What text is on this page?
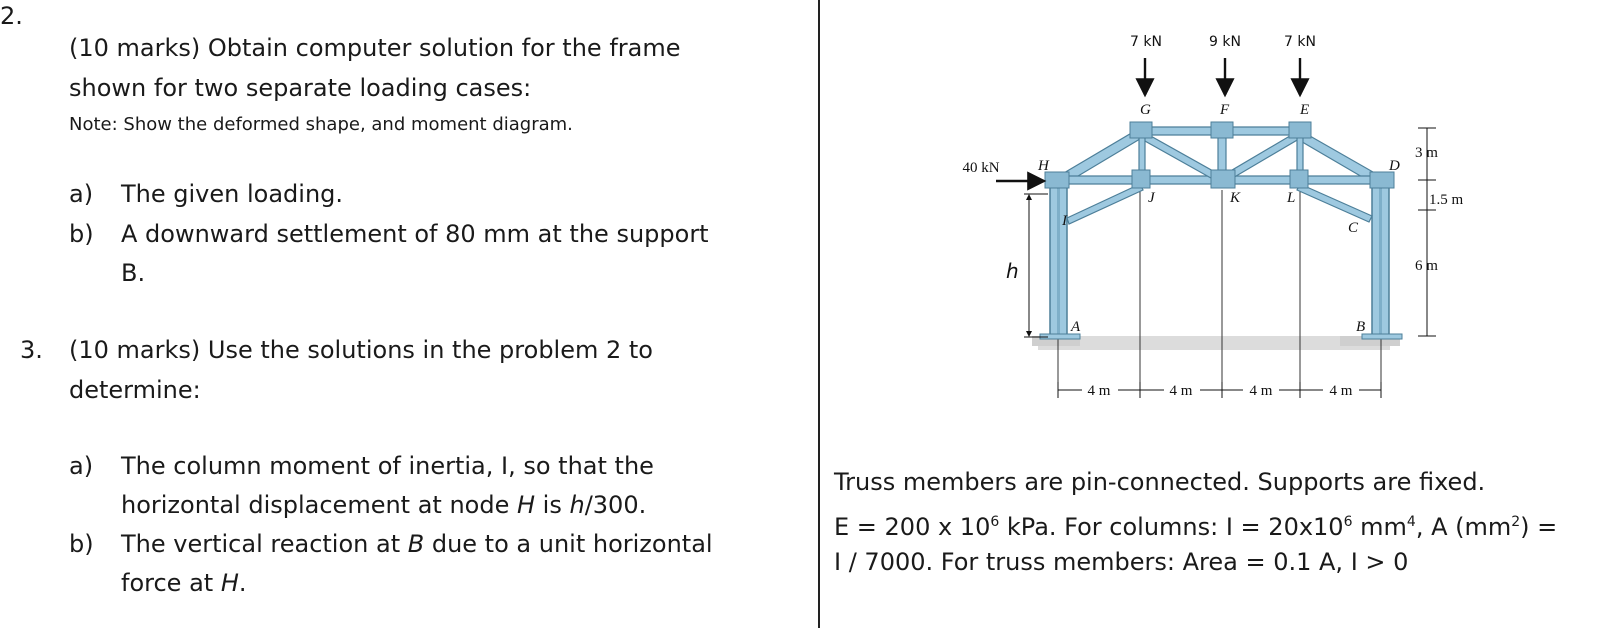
2.
(10 marks) Obtain computer solution for the frame
shown for two separate loading cases:
Note: Show the deformed shape, and moment diagram.
a) The given loading.
b) A downward settlement of 80 mm at the support
B.
3. (10 marks) Use the solutions in the problem 2 to
determine:
a) The column moment of inertia, I, so that the
horizontal displacement at node H is h/300.
b) The vertical reaction at B due to a unit horizontal
force at H.
7 kN	9 kN	7 kN
40 kN
G	F	E
H	D
I
J	K	L
C
A	B
h
3 m
1.5 m
6 m
4 m	4 m	4 m	4 m
Truss members are pin-connected. Supports are fixed.
E = 200 x $10^6$ kPa. For columns: $I = 20x10^6$ $mm^4$, A $(mm^2)$ =
I / 7000. For truss members: Area = 0.1 A, I > 0
